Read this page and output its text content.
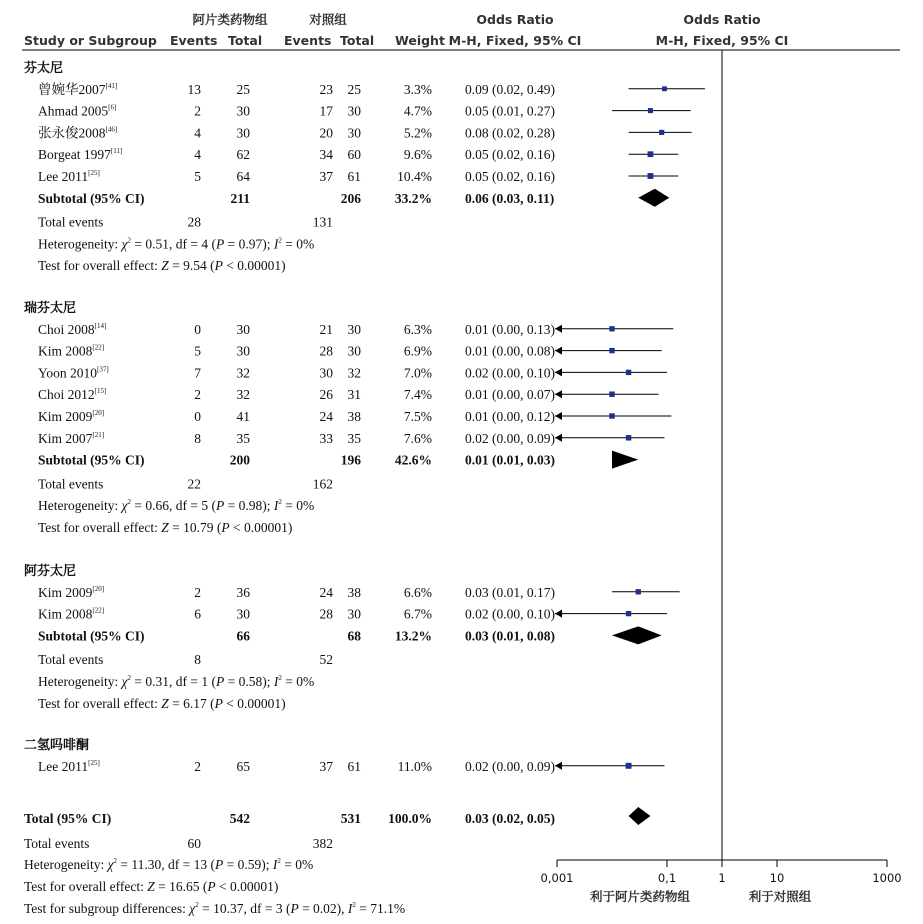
阿片类药物组	对照组	Odds Ratio	Odds Ratio
Study or Subgroup Events Total Events Total Weight M-H, Fixed, 95% CI	M-H, Fixed, 95% CI
芬太尼
曾婉华2007[41]	13	25	23 25	3.3% 0.09 (0.02, 0.49)
Ahmad 2005[6]	2	30	17 30	4.7% 0.05 (0.01, 0.27)
张永俊2008[46]	4	30	20 30	5.2% 0.08 (0.02, 0.28)
Borgeat 1997[11]	4	62	34 60	9.6% 0.05 (0.02, 0.16)
Lee 2011[25]	5	64	37 61	10.4% 0.05 (0.02, 0.16)
Subtotal (95% CI)	211	206	33.2% 0.06 (0.03, 0.11)
Total events	28	131
Heterogeneity: $\chi^2 = 0.51$, df = 4 (P = 0.97); $I^2 = 0\%$
Test for overall effect: Z = 9.54 (P < 0.00001)
瑞芬太尼
Choi 2008[14]	0	30	21 30	6.3% 0.01 (0.00, 0.13)
Kim 2008[22]	5	30	28 30	6.9% 0.01 (0.00, 0.08)
Yoon 2010[37]	7	32	30 32	7.0% 0.02 (0.00, 0.10)
Choi 2012[15]	2	32	26 31	7.4% 0.01 (0.00, 0.07)
Kim 2009[20]	0	41	24 38	7.5% 0.01 (0.00, 0.12)
Kim 2007[21]	8	35	33 35	7.6% 0.02 (0.00, 0.09)
Subtotal (95% CI)	200	196	42.6% 0.01 (0.01, 0.03)
Total events	22	162
Heterogeneity: $\chi^2 = 0.66$, df = 5 (P = 0.98); $I^2 = 0\%$
Test for overall effect: Z = 10.79 (P < 0.00001)
阿芬太尼
Kim 2009[20]	2	36	24 38	6.6% 0.03 (0.01, 0.17)
Kim 2008[22]	6	30	28 30	6.7% 0.02 (0.00, 0.10)
Subtotal (95% CI)	66	68	13.2% 0.03 (0.01, 0.08)
Total events	8	52
Heterogeneity: $\chi^2 = 0.31$, df = 1 (P = 0.58); $I^2 = 0\%$
Test for overall effect: Z = 6.17 (P < 0.00001)
二氢吗啡酮
Lee 2011[25]	2	65	37 61	11.0% 0.02 (0.00, 0.09)
Total (95% CI)	542	531 100.0% 0.03 (0.02, 0.05)
Total events	60	382
Heterogeneity: $\chi^2 = 11.30$, df = 13 (P = 0.59); $I^2 = 0\%$
Test for overall effect: Z = 16.65 (P < 0.00001)
Test for subgroup differences: $\chi^2 = 10.37$, df = 3 (P = 0.02), $I^2 = 71.1\%$
0,001	0,1	1	10	1000
利于阿片类药物组	利于对照组
